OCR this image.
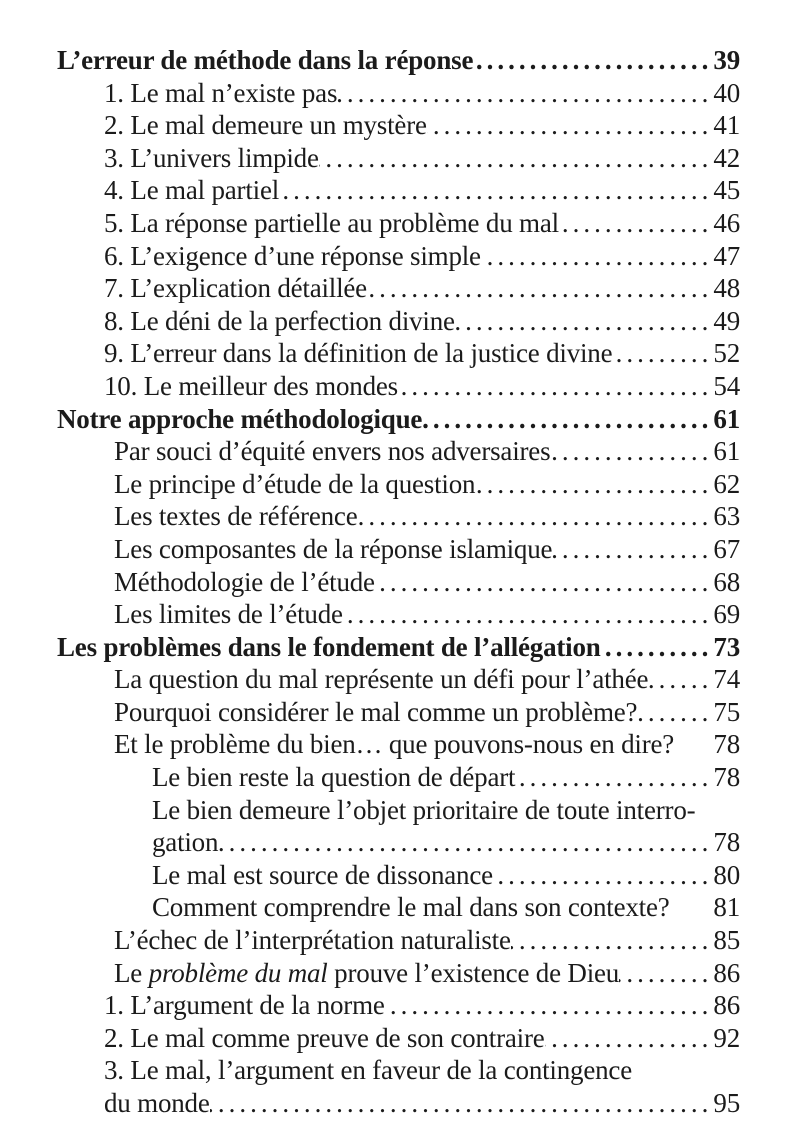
L’erreur de méthode dans la réponse .....	39
1. Le mal n’existe pas .....	40
2. Le mal demeure un mystère .....	41
3. L’univers limpide .....	42
4. Le mal partiel .....	45
5. La réponse partielle au problème du mal .....	46
6. L’exigence d’une réponse simple .....	47
7. L’explication détaillée .....	48
8. Le déni de la perfection divine .....	49
9. L’erreur dans la définition de la justice divine .....	52
10. Le meilleur des mondes .....	54
Notre approche méthodologique .....	61
Par souci d’équité envers nos adversaires .....	61
Le principe d’étude de la question .....	62
Les textes de référence .....	63
Les composantes de la réponse islamique .....	67
Méthodologie de l’étude .....	68
Les limites de l’étude .....	69
Les problèmes dans le fondement de l’allégation .....	73
La question du mal représente un défi pour l’athée ..... 74
Pourquoi considérer le mal comme un problème? .....	75
Et le problème du bien… que pouvons-nous en dire? 78
Le bien reste la question de départ .....	78
Le bien demeure l’objet prioritaire de toute interro-
gation .....	78
Le mal est source de dissonance .....	80
Comment comprendre le mal dans son contexte? 81
L’échec de l’interprétation naturaliste .....	85
Le problème du mal prouve l’existence de Dieu .....	86
1. L’argument de la norme .....	86
2. Le mal comme preuve de son contraire .....	92
3. Le mal, l’argument en faveur de la contingence
du monde .....	95
